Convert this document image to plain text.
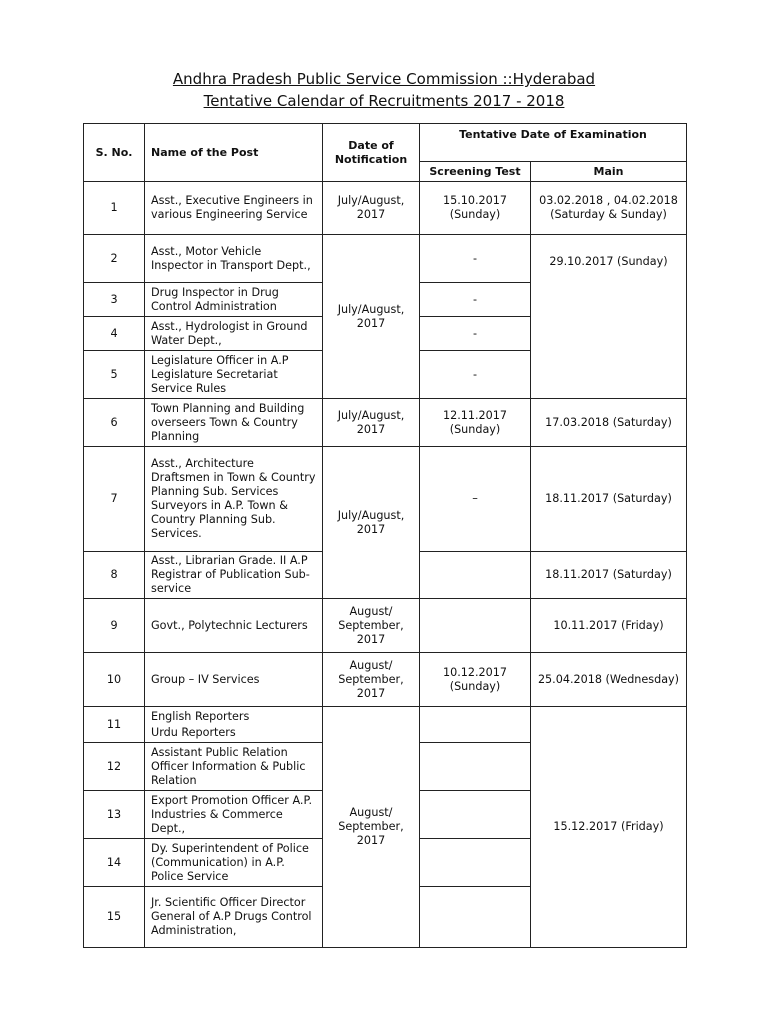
Andhra Pradesh Public Service Commission ::Hyderabad
Tentative Calendar of Recruitments 2017 - 2018
S. No.	Name of the Post	Date of Notification	Tentative Date of Examination	
			Screening Test	Main
1	Asst., Executive Engineers in various Engineering Service	July/August, 2017	15.10.2017 (Sunday)	03.02.2018 , 04.02.2018 (Saturday & Sunday)
2	Asst., Motor Vehicle Inspector in Transport Dept.,	July/August, 2017	-	29.10.2017 (Sunday)
3	Drug Inspector in Drug Control Administration		-	
4	Asst., Hydrologist in Ground Water Dept.,		-	
5	Legislature Officer in A.P Legislature Secretariat Service Rules		-	
6	Town Planning and Building overseers Town & Country Planning	July/August, 2017	12.11.2017 (Sunday)	17.03.2018 (Saturday)
7	Asst., Architecture Draftsmen in Town & Country Planning Sub. Services
Surveyors in A.P. Town & Country Planning Sub. Services.	July/August, 2017	–	18.11.2017 (Saturday)
8	Asst., Librarian Grade. II A.P Registrar of Publication Sub-service			18.11.2017 (Saturday)
9	Govt., Polytechnic Lecturers	August/ September, 2017		10.11.2017 (Friday)
10	Group – IV Services	August/ September, 2017	10.12.2017 (Sunday)	25.04.2018 (Wednesday)
11	English Reporters
Urdu Reporters	August/ September, 2017		15.12.2017 (Friday)
12	Assistant Public Relation Officer Information & Public Relation			
13	Export Promotion Officer A.P. Industries & Commerce Dept.,			
14	Dy. Superintendent of Police (Communication) in A.P. Police Service			
15	Jr. Scientific Officer Director General of A.P Drugs Control Administration,			
